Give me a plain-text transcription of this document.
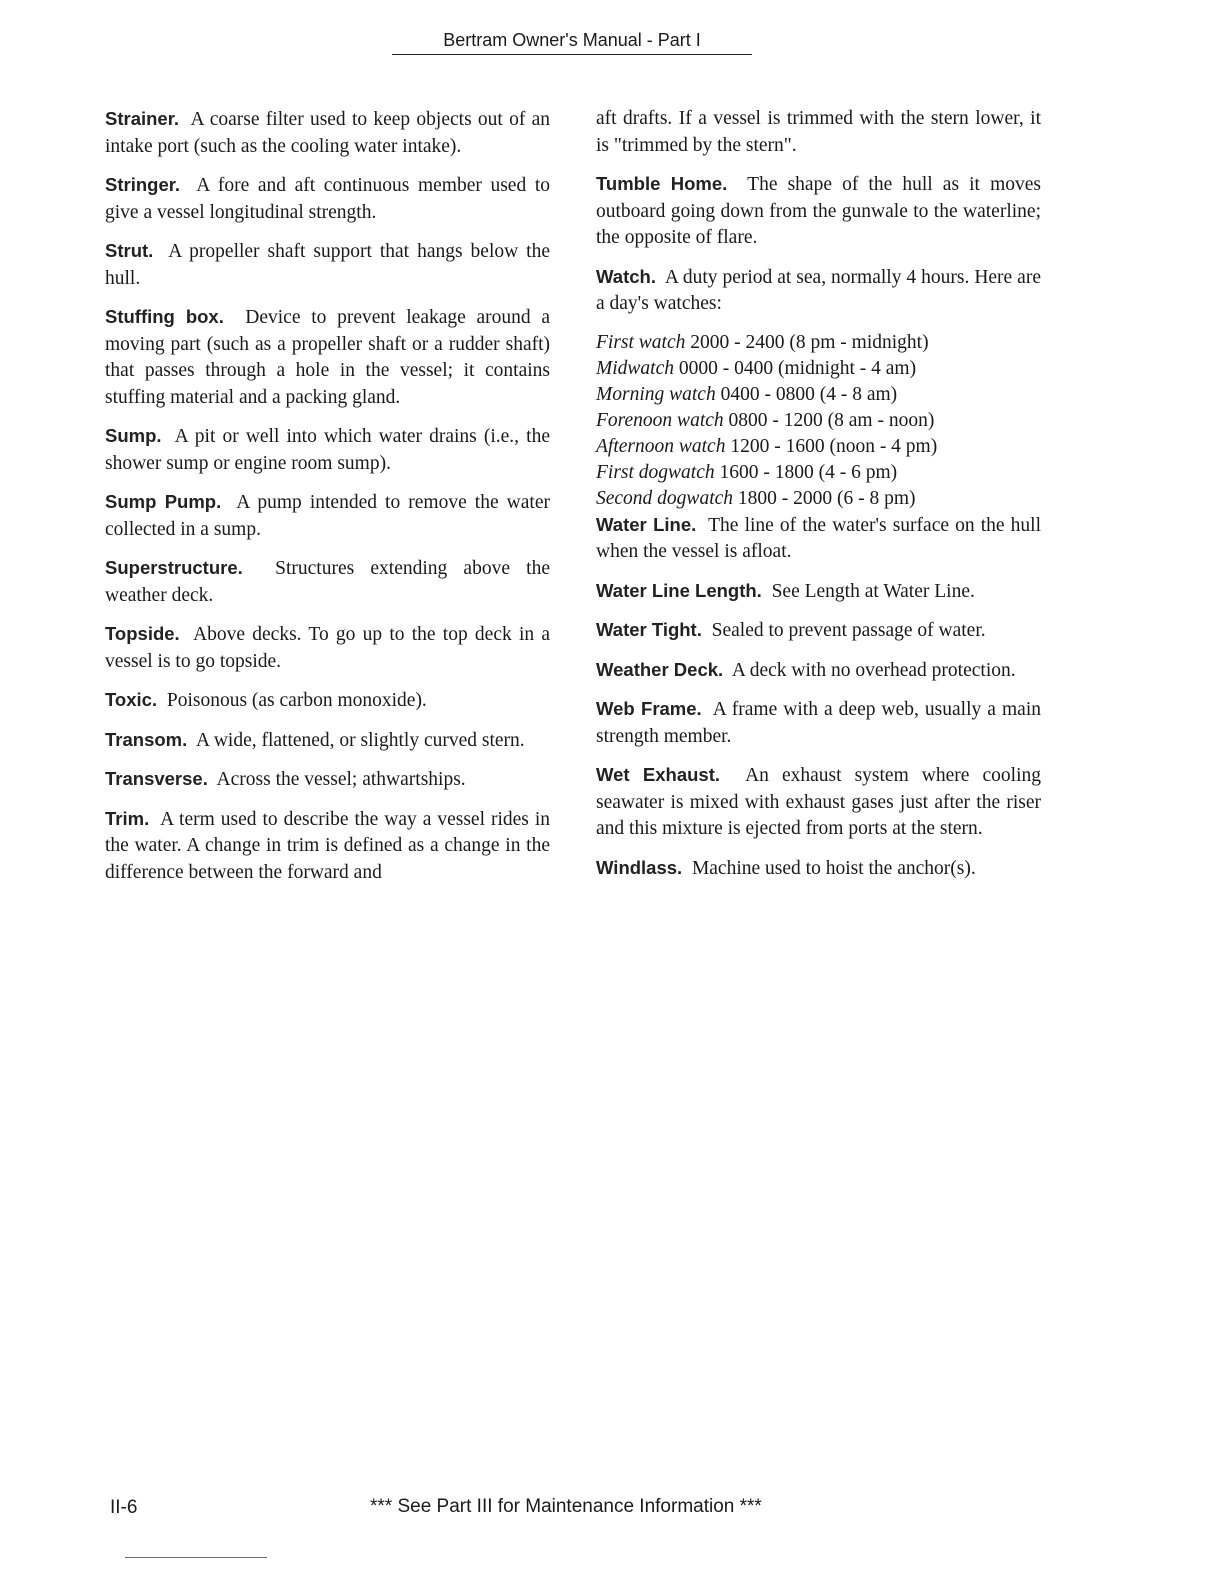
Bertram Owner's Manual - Part I

Strainer. A coarse filter used to keep objects out of an intake port (such as the cooling water intake).

Stringer. A fore and aft continuous member used to give a vessel longitudinal strength.

Strut. A propeller shaft support that hangs below the hull.

Stuffing box. Device to prevent leakage around a moving part (such as a propeller shaft or a rudder shaft) that passes through a hole in the vessel; it contains stuffing material and a packing gland.

Sump. A pit or well into which water drains (i.e., the shower sump or engine room sump).

Sump Pump. A pump intended to remove the water collected in a sump.

Superstructure. Structures extending above the weather deck.

Topside. Above decks. To go up to the top deck in a vessel is to go topside.

Toxic. Poisonous (as carbon monoxide).

Transom. A wide, flattened, or slightly curved stern.

Transverse. Across the vessel; athwartships.

Trim. A term used to describe the way a vessel rides in the water. A change in trim is defined as a change in the difference between the forward and

aft drafts. If a vessel is trimmed with the stern lower, it is "trimmed by the stern".

Tumble Home. The shape of the hull as it moves outboard going down from the gunwale to the waterline; the opposite of flare.

Watch. A duty period at sea, normally 4 hours. Here are a day's watches:

First watch 2000 - 2400 (8 pm - midnight)
Midwatch 0000 - 0400 (midnight - 4 am)
Morning watch 0400 - 0800 (4 - 8 am)
Forenoon watch 0800 - 1200 (8 am - noon)
Afternoon watch 1200 - 1600 (noon - 4 pm)
First dogwatch 1600 - 1800 (4 - 6 pm)
Second dogwatch 1800 - 2000 (6 - 8 pm)

Water Line. The line of the water's surface on the hull when the vessel is afloat.

Water Line Length. See Length at Water Line.

Water Tight. Sealed to prevent passage of water.

Weather Deck. A deck with no overhead protection.

Web Frame. A frame with a deep web, usually a main strength member.

Wet Exhaust. An exhaust system where cooling seawater is mixed with exhaust gases just after the riser and this mixture is ejected from ports at the stern.

Windlass. Machine used to hoist the anchor(s).

II-6	*** See Part III for Maintenance Information ***
